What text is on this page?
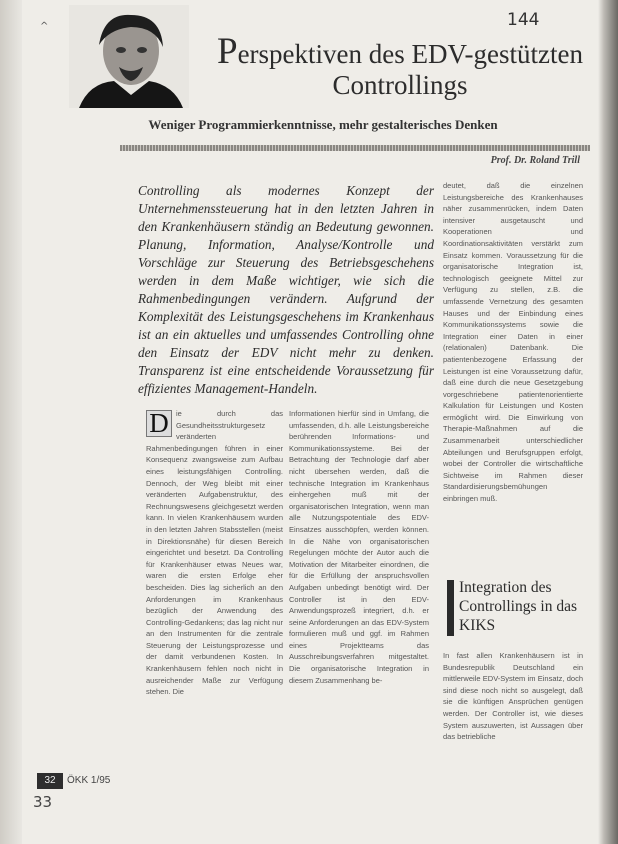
^	144
Perspektiven des EDV-gestützten
Controllings
Weniger Programmierkenntnisse, mehr gestalterisches Denken
Prof. Dr. Roland Trill
Controlling als modernes Konzept der Unternehmenssteuerung hat in den letzten Jahren in den Krankenhäusern ständig an Bedeutung gewonnen. Planung, Information, Analyse/Kontrolle und Vorschläge zur Steuerung des Betriebsgeschehens werden in dem Maße wichtiger, wie sich die Rahmenbedingungen verändern. Aufgrund der Komplexität des Leistungsgeschehens im Krankenhaus ist an ein aktuelles und umfassendes Controlling ohne den Einsatz der EDV nicht mehr zu denken. Transparenz ist eine entscheidende Voraussetzung für effizientes Management-Handeln.
D ie durch das Gesundheitsstrukturgesetz veränderten Rahmenbedingungen führen in einer Konsequenz zwangsweise zum Aufbau eines leistungsfähigen Controlling. Dennoch, der Weg bleibt mit einer veränderten Aufgabenstruktur, des Rechnungswesens gleichgesetzt werden kann. In vielen Krankenhäusern wurden in den letzten Jahren Stabsstellen (meist in Direktionsnähe) für diesen Bereich eingerichtet und besetzt. Da Controlling für Krankenhäuser etwas Neues war, waren die ersten Erfolge eher bescheiden. Dies lag sicherlich an den Anforderungen im Krankenhaus bezüglich der Anwendung des Controlling-Gedankens; das lag nicht nur an den Instrumenten für die zentrale Steuerung der Leistungsprozesse und der damit verbundenen Kosten. In Krankenhäusern fehlen noch nicht in ausreichender Maße zur Verfügung stehen. Die
Informationen hierfür sind in Umfang, die umfassenden, d.h. alle Leistungsbereiche berührenden Informations- und Kommunikationssysteme. Bei der Betrachtung der Technologie darf aber nicht übersehen werden, daß die technische Integration im Krankenhaus einhergehen muß mit der organisatorischen Integration, wenn man alle Nutzungspotentiale des EDV-Einsatzes ausschöpfen, werden können. In die Nähe von organisatorischen Regelungen möchte der Autor auch die Motivation der Mitarbeiter einordnen, die für die Erfüllung der anspruchsvollen Aufgaben unbedingt benötigt wird. Der Controller ist in den EDV-Anwendungsprozeß integriert, d.h. er seine Anforderungen an das EDV-System formulieren muß und ggf. im Rahmen eines Projektteams das Ausschreibungsverfahren mitgestaltet. Die organisatorische Integration in diesem Zusammenhang be-
deutet, daß die einzelnen Leistungsbereiche des Krankenhauses näher zusammenrücken, indem Daten intensiver ausgetauscht und Kooperationen und Koordinationsaktivitäten verstärkt zum Einsatz kommen. Voraussetzung für die organisatorische Integration ist, technologisch geeignete Mittel zur Verfügung zu stellen, z.B. die umfassende Vernetzung des gesamten Hauses und der Einbindung eines Kommunikationssystems sowie die Integration einer Daten in einer (relationalen) Datenbank. Die patientenbezogene Erfassung der Leistungen ist eine Voraussetzung dafür, daß eine durch die neue Gesetzgebung vorgeschriebene patientenorientierte Kalkulation für Leistungen und Kosten ermöglicht wird. Die Einwirkung von Therapie-Maßnahmen auf die Zusammenarbeit unterschiedlicher Abteilungen und Berufsgruppen erfolgt, wobei der Controller die wirtschaftliche Sichtweise im Rahmen dieser Standardisierungsbemühungen einbringen muß.
Integration des Controllings in das KIKS
In fast allen Krankenhäusern ist in Bundesrepublik Deutschland ein mittlerweile EDV-System im Einsatz, doch sind diese noch nicht so ausgelegt, daß sie die künftigen Ansprüchen genügen werden. Der Controller ist, wie dieses System auszuwerten, ist Aussagen über das betriebliche
32	ÖKK 1/95
33
